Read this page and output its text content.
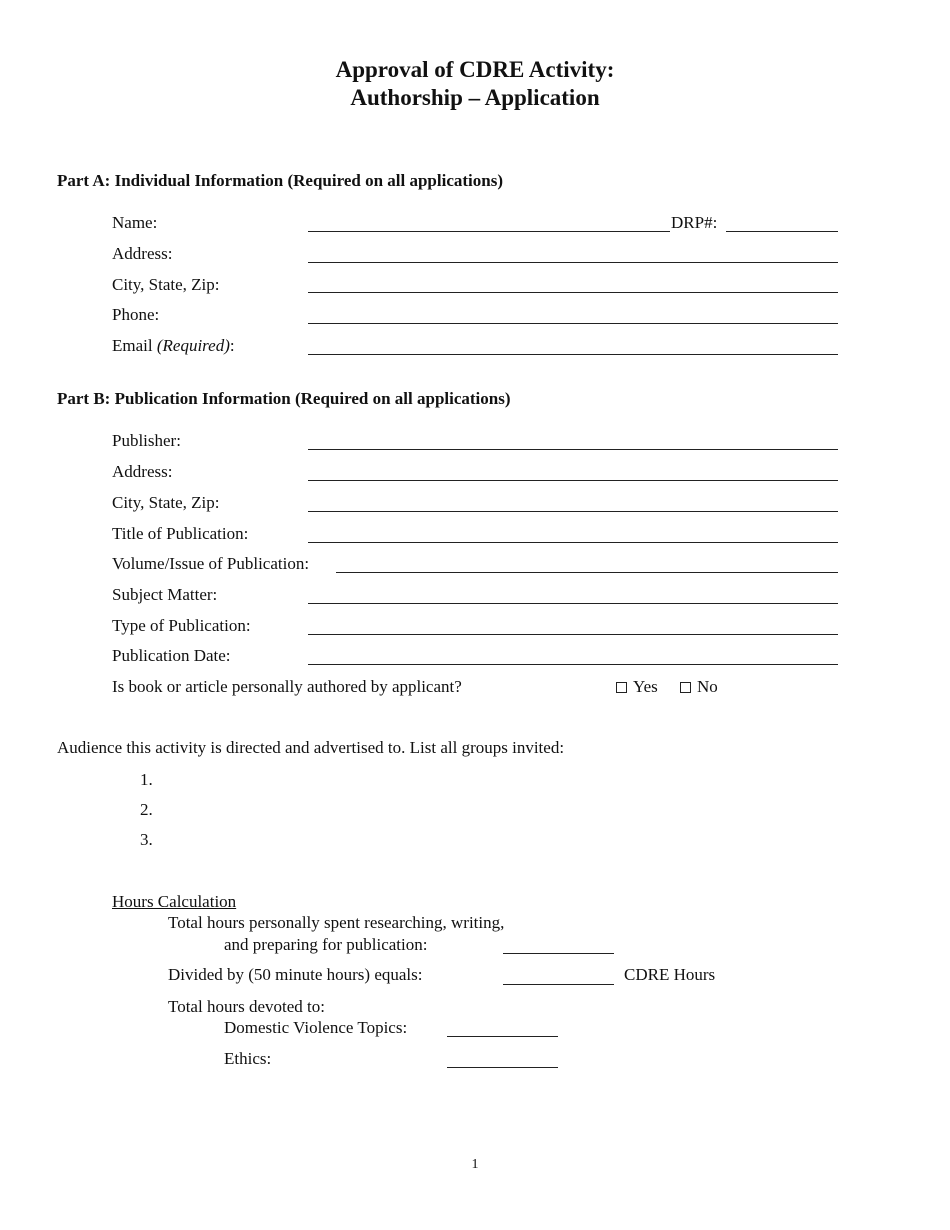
Approval of CDRE Activity:
Authorship – Application
Part A: Individual Information (Required on all applications)
Name:	DRP#:
Address:
City, State, Zip:
Phone:
Email (Required):
Part B: Publication Information (Required on all applications)
Publisher:
Address:
City, State, Zip:
Title of Publication:
Volume/Issue of Publication:
Subject Matter:
Type of Publication:
Publication Date:
Is book or article personally authored by applicant?	Yes	No
Audience this activity is directed and advertised to. List all groups invited:
1.
2.
3.
Hours Calculation
Total hours personally spent researching, writing,
and preparing for publication:
Divided by (50 minute hours) equals:	CDRE Hours
Total hours devoted to:
Domestic Violence Topics:
Ethics:
1
